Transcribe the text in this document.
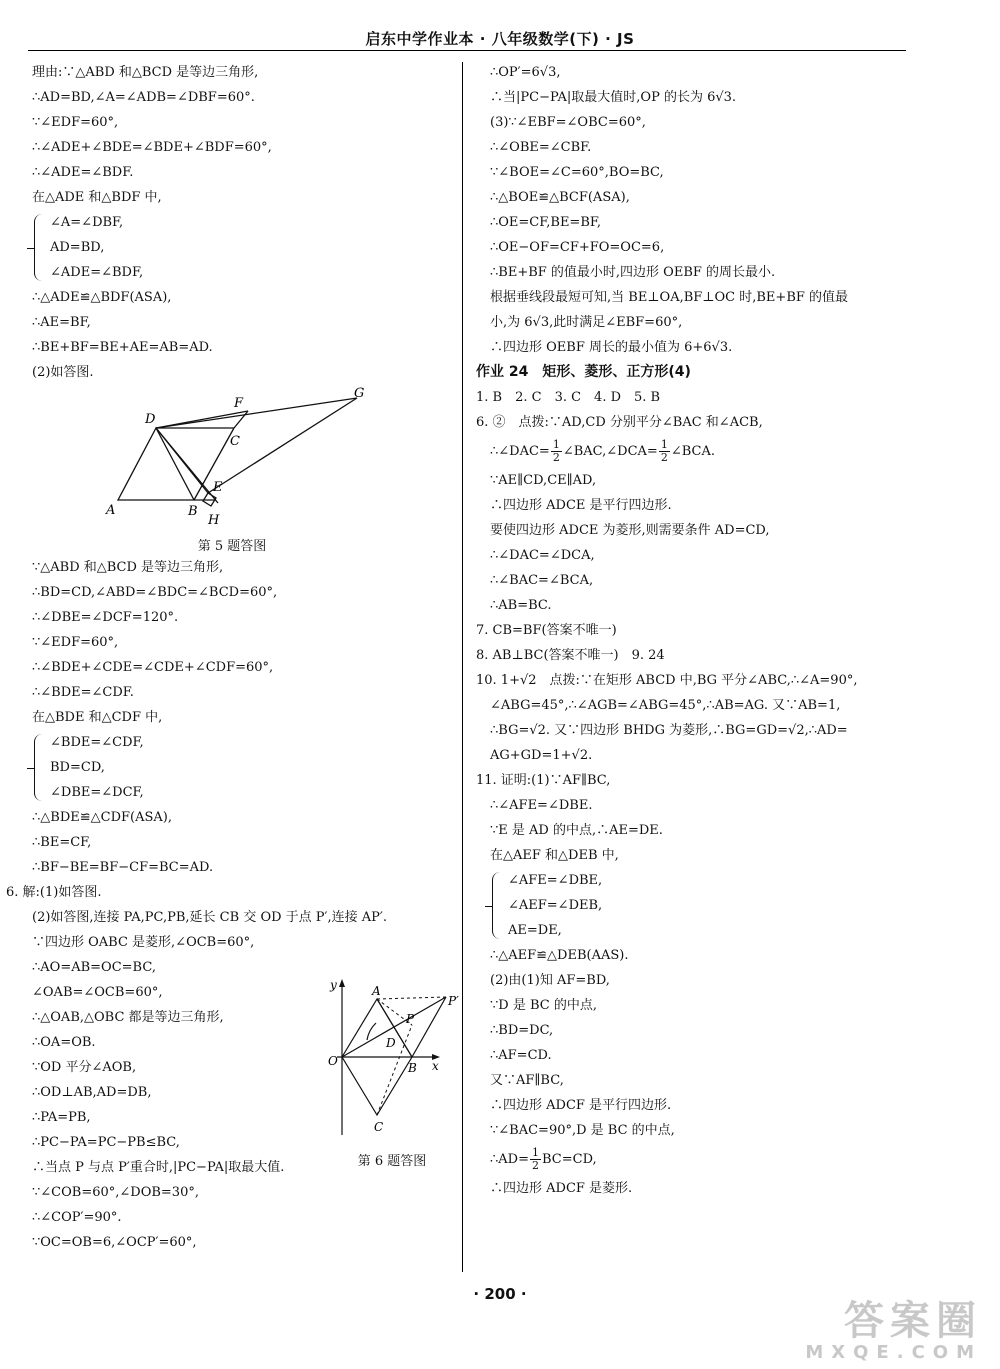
启东中学作业本 · 八年级数学(下) · JS
理由:∵△ABD 和△BCD 是等边三角形,
∴AD=BD,∠A=∠ADB=∠DBF=60°.
∵∠EDF=60°,
∴∠ADE+∠BDE=∠BDE+∠BDF=60°,
∴∠ADE=∠BDF.
在△ADE 和△BDF 中,
∠A=∠DBF,
AD=BD,
∠ADE=∠BDF,
∴△ADE≌△BDF(ASA),
∴AE=BF,
∴BE+BF=BE+AE=AB=AD.
(2)如答图.
D
F
G
C
A	B
E
H
第 5 题答图
∵△ABD 和△BCD 是等边三角形,
∴BD=CD,∠ABD=∠BDC=∠BCD=60°,
∴∠DBE=∠DCF=120°.
∵∠EDF=60°,
∴∠BDE+∠CDE=∠CDE+∠CDF=60°,
∴∠BDE=∠CDF.
在△BDE 和△CDF 中,
∠BDE=∠CDF,
BD=CD,
∠DBE=∠DCF,
∴△BDE≌△CDF(ASA),
∴BE=CF,
∴BF−BE=BF−CF=BC=AD.
6. 解:(1)如答图.
(2)如答图,连接 PA,PC,PB,延长 CB 交 OD 于点 P′,连接 AP′.
∵四边形 OABC 是菱形,∠OCB=60°,
∴AO=AB=OC=BC,
∠OAB=∠OCB=60°,
∴△OAB,△OBC 都是等边三角形,
∴OA=OB.
∵OD 平分∠AOB,
∴OD⊥AB,AD=DB,
∴PA=PB,
∴PC−PA=PC−PB≤BC,
∴当点 P 与点 P′重合时,|PC−PA|取最大值.
∵∠COB=60°,∠DOB=30°,
∴∠COP′=90°.
∵OC=OB=6,∠OCP′=60°,
y	A
P
P′
D
O	B x
C
第 6 题答图
∴OP′=6√3,
∴当|PC−PA|取最大值时,OP 的长为 6√3.
(3)∵∠EBF=∠OBC=60°,
∴∠OBE=∠CBF.
∵∠BOE=∠C=60°,BO=BC,
∴△BOE≌△BCF(ASA),
∴OE=CF,BE=BF,
∴OE−OF=CF+FO=OC=6,
∴BE+BF 的值最小时,四边形 OEBF 的周长最小.
根据垂线段最短可知,当 BE⊥OA,BF⊥OC 时,BE+BF 的值最
小,为 6√3,此时满足∠EBF=60°,
∴四边形 OEBF 周长的最小值为 6+6√3.
作业 24　矩形、菱形、正方形(4)
1. B　2. C　3. C　4. D　5. B
6. ②　点拨:∵AD,CD 分别平分∠BAC 和∠ACB,
∴∠DAC= $\frac{1}{2}$ ∠BAC,∠DCA= $\frac{1}{2}$ ∠BCA.
∵AE∥CD,CE∥AD,
∴四边形 ADCE 是平行四边形.
要使四边形 ADCE 为菱形,则需要条件 AD=CD,
∴∠DAC=∠DCA,
∴∠BAC=∠BCA,
∴AB=BC.
7. CB=BF(答案不唯一)
8. AB⊥BC(答案不唯一)　9. 24
10. 1+√2　点拨:∵在矩形 ABCD 中,BG 平分∠ABC,∴∠A=90°,
∠ABG=45°,∴∠AGB=∠ABG=45°,∴AB=AG. 又∵AB=1,
∴BG=√2. 又∵四边形 BHDG 为菱形,∴BG=GD=√2,∴AD=
AG+GD=1+√2.
11. 证明:(1)∵AF∥BC,
∴∠AFE=∠DBE.
∵E 是 AD 的中点,∴AE=DE.
在△AEF 和△DEB 中,
∠AFE=∠DBE,
∠AEF=∠DEB,
AE=DE,
∴△AEF≌△DEB(AAS).
(2)由(1)知 AF=BD,
∵D 是 BC 的中点,
∴BD=DC,
∴AF=CD.
又∵AF∥BC,
∴四边形 ADCF 是平行四边形.
∵∠BAC=90°,D 是 BC 的中点,
∴AD= $\frac{1}{2} BC=CD$,
∴四边形 ADCF 是菱形.
· 200 ·
答案圈
MXQE.COM
